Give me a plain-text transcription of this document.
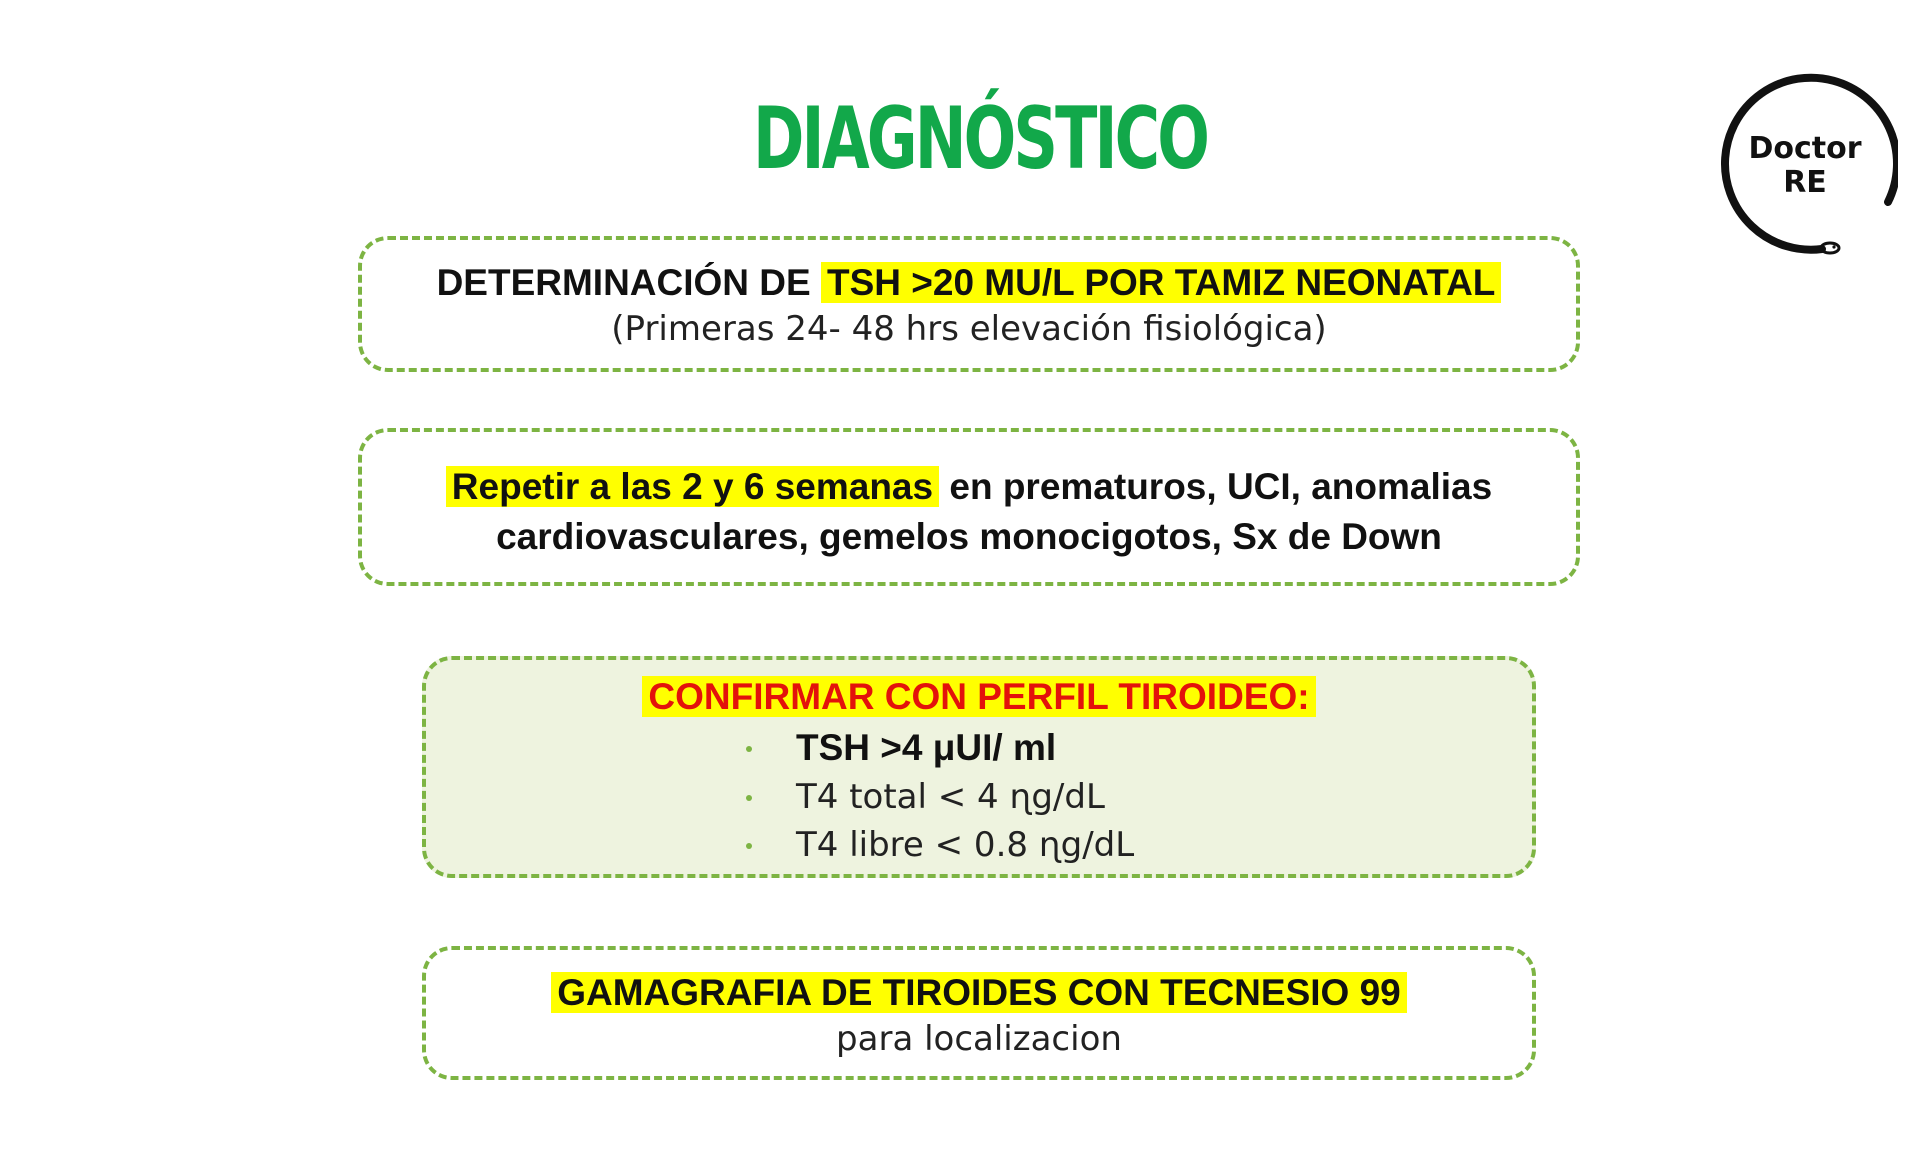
DIAGNÓSTICO	Doctor
RE
DETERMINACIÓN DE TSH >20 MU/L POR TAMIZ NEONATAL
(Primeras 24- 48 hrs elevación fisiológica)
Repetir a las 2 y 6 semanas en prematuros, UCI, anomalias
cardiovasculares, gemelos monocigotos, Sx de Down
CONFIRMAR CON PERFIL TIROIDEO:
TSH >4 μUI/ ml
T4 total < 4 ɳg/dL
T4 libre < 0.8 ɳg/dL
GAMAGRAFIA DE TIROIDES CON TECNESIO 99
para localizacion
